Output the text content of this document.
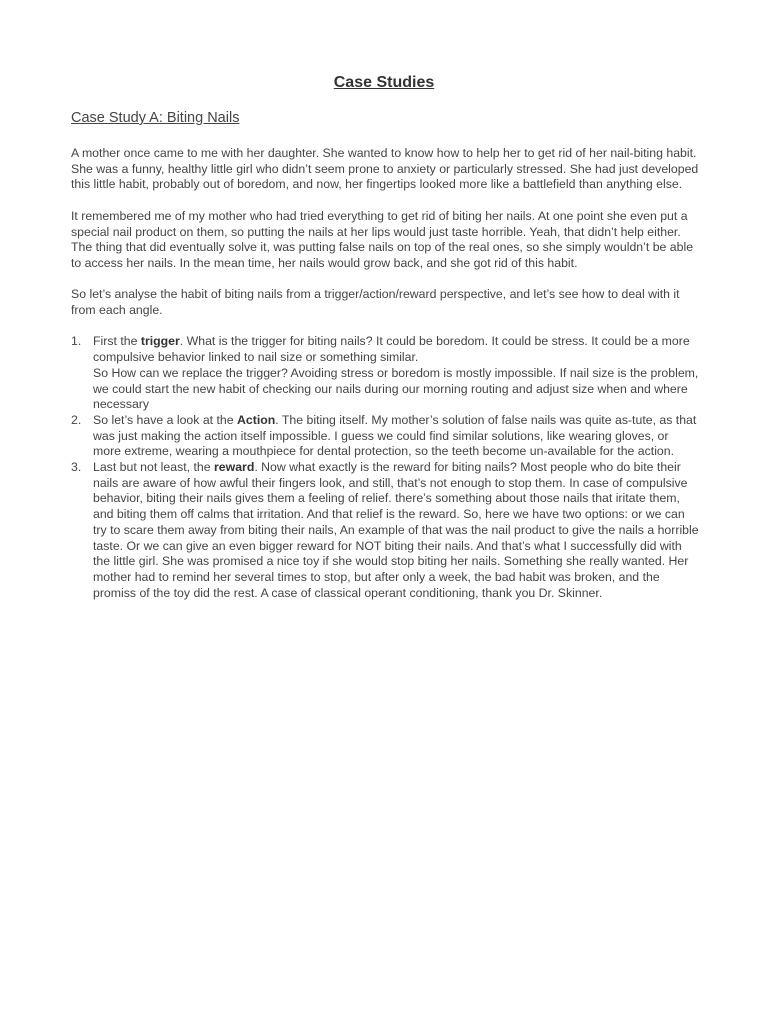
Case Studies
Case Study A: Biting Nails

A mother once came to me with her daughter. She wanted to know how to help her to get rid of her nail-biting habit. She was a funny, healthy little girl who didn’t seem prone to anxiety or particularly stressed. She had just developed this little habit, probably out of boredom, and now, her fingertips looked more like a battlefield than anything else.

It remembered me of my mother who had tried everything to get rid of biting her nails. At one point she even put a special nail product on them, so putting the nails at her lips would just taste horrible. Yeah, that didn’t help either. The thing that did eventually solve it, was putting false nails on top of the real ones, so she simply wouldn’t be able to access her nails. In the mean time, her nails would grow back, and she got rid of this habit.

So let’s analyse the habit of biting nails from a trigger/action/reward perspective, and let’s see how to deal with it from each angle.

1. First the trigger. What is the trigger for biting nails? It could be boredom. It could be stress. It could be a more compulsive behavior linked to nail size or something similar.
So How can we replace the trigger? Avoiding stress or boredom is mostly impossible. If nail size is the problem, we could start the new habit of checking our nails during our morning routing and adjust size when and where necessary
2. So let’s have a look at the Action. The biting itself. My mother’s solution of false nails was quite as-tute, as that was just making the action itself impossible. I guess we could find similar solutions, like wearing gloves, or more extreme, wearing a mouthpiece for dental protection, so the teeth become un-available for the action.
3. Last but not least, the reward. Now what exactly is the reward for biting nails? Most people who do bite their nails are aware of how awful their fingers look, and still, that’s not enough to stop them. In case of compulsive behavior, biting their nails gives them a feeling of relief. there’s something about those nails that iritate them, and biting them off calms that irritation. And that relief is the reward. So, here we have two options: or we can try to scare them away from biting their nails, An example of that was the nail product to give the nails a horrible taste. Or we can give an even bigger reward for NOT biting their nails. And that’s what I successfully did with the little girl. She was promised a nice toy if she would stop biting her nails. Something she really wanted. Her mother had to remind her several times to stop, but after only a week, the bad habit was broken, and the promiss of the toy did the rest. A case of classical operant conditioning, thank you Dr. Skinner.
